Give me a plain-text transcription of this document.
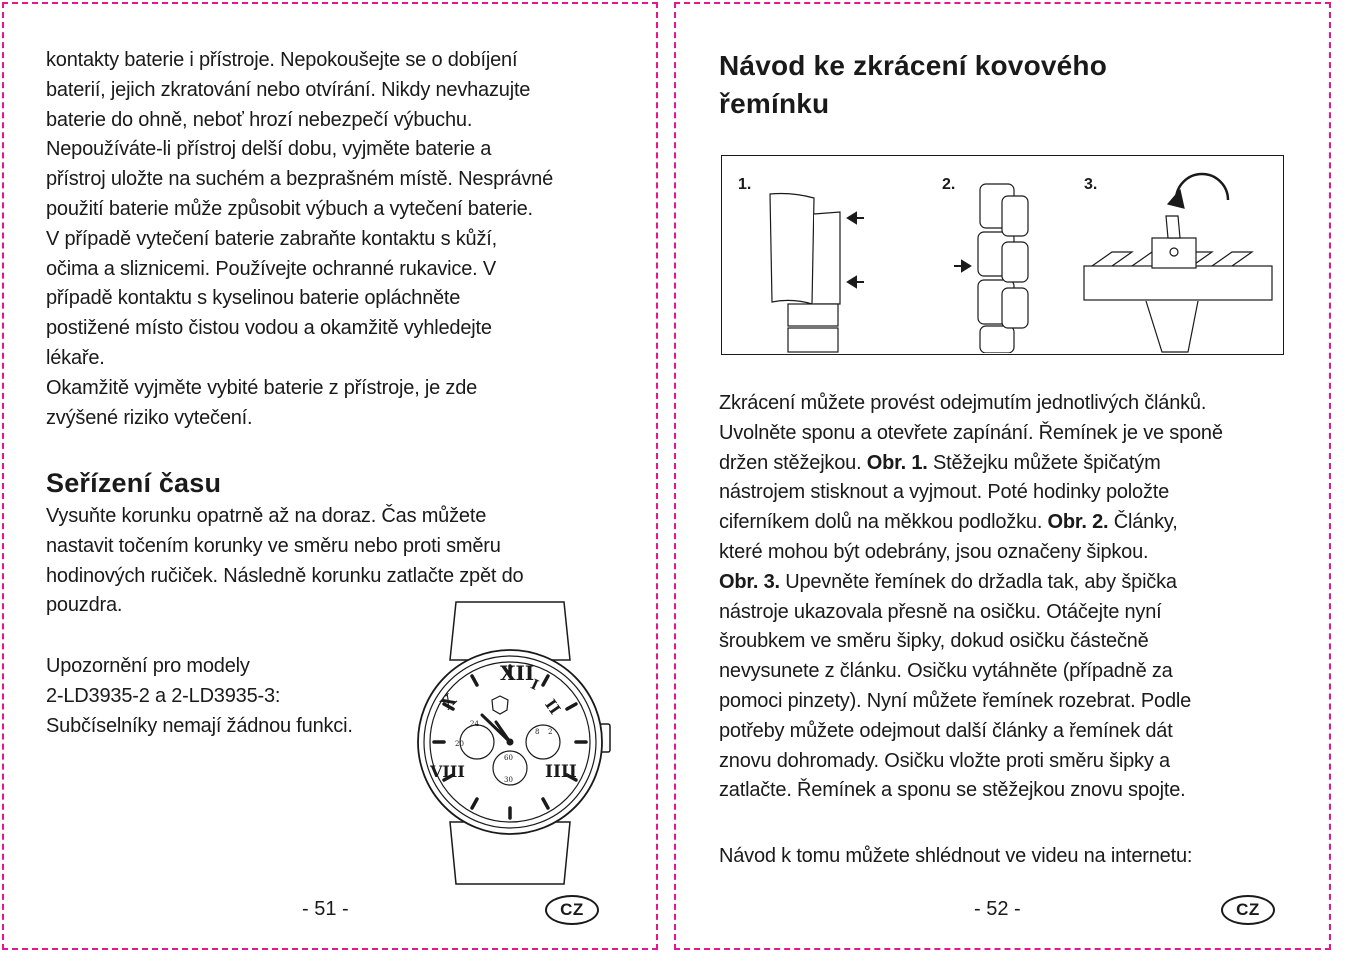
kontakty baterie i přístroje. Nepokoušejte se o dobíjení
baterií, jejich zkratování nebo otvírání. Nikdy nevhazujte
baterie do ohně, neboť hrozí nebezpečí výbuchu.
Nepoužíváte-li přístroj delší dobu, vyjměte baterie a
přístroj uložte na suchém a bezprašném místě. Nesprávné
použití baterie může způsobit výbuch a vytečení baterie.
V případě vytečení baterie zabraňte kontaktu s kůží,
očima a sliznicemi. Používejte ochranné rukavice. V
případě kontaktu s kyselinou baterie opláchněte
postižené místo čistou vodou a okamžitě vyhledejte
lékaře.
Okamžitě vyjměte vybité baterie z přístroje, je zde
zvýšené riziko vytečení.
Seřízení času
Vysuňte korunku opatrně až na doraz. Čas můžete
nastavit točením korunky ve směru nebo proti směru
hodinových ručiček. Následně korunku zatlačte zpět do
pouzdra.
Upozornění pro modely
2-LD3935-2 a 2-LD3935-3:
Subčíselníky nemají žádnou funkci.
XII
I
II
IIII
VIII
X
24
20
8 2
60
30
- 51 -	CZ
Návod ke zkrácení kovového
řemínku
1.	2.	3.
Zkrácení můžete provést odejmutím jednotlivých článků.
Uvolněte sponu a otevřete zapínání. Řemínek je ve sponě
držen stěžejkou. Obr. 1. Stěžejku můžete špičatým
nástrojem stisknout a vyjmout. Poté hodinky položte
ciferníkem dolů na měkkou podložku. Obr. 2. Články,
které mohou být odebrány, jsou označeny šipkou.
Obr. 3. Upevněte řemínek do držadla tak, aby špička
nástroje ukazovala přesně na osičku. Otáčejte nyní
šroubkem ve směru šipky, dokud osičku částečně
nevysunete z článku. Osičku vytáhněte (případně za
pomoci pinzety). Nyní můžete řemínek rozebrat. Podle
potřeby můžete odejmout další články a řemínek dát
znovu dohromady. Osičku vložte proti směru šipky a
zatlačte. Řemínek a sponu se stěžejkou znovu spojte.
Návod k tomu můžete shlédnout ve videu na internetu:
- 52 -	CZ
